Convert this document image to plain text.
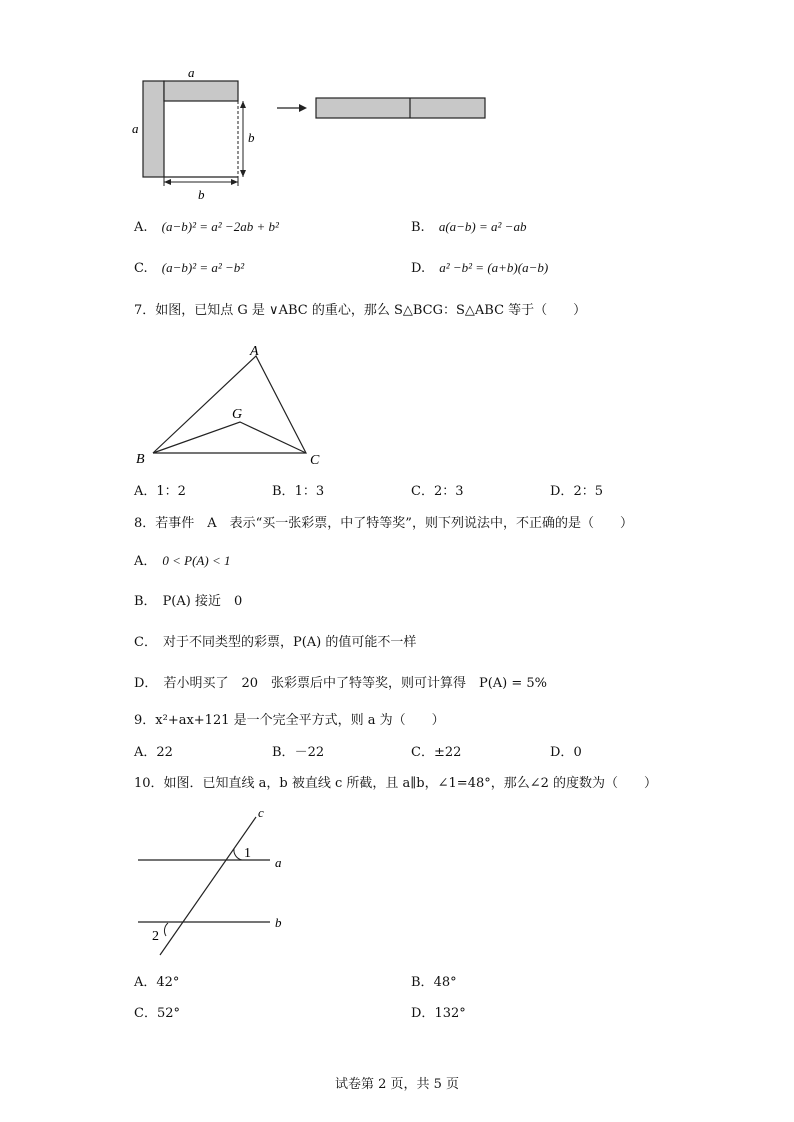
a
a
b
b
A. (a−b)² = a² −2ab + b²	B. a(a−b) = a² −ab
C. (a−b)² = a² −b²	D. a² −b² = (a+b)(a−b)
7．如图，已知点 G 是 ∨ABC 的重心，那么 S△BCG：S△ABC 等于（　　）
A
B	C
G
A．1：2	B．1：3	C．2：3	D．2：5
8．若事件　A　表示“买一张彩票，中了特等奖”，则下列说法中，不正确的是（　　）
A． 0 < P(A) < 1
B． P(A) 接近　0
C． 对于不同类型的彩票，P(A) 的值可能不一样
D． 若小明买了　20　张彩票后中了特等奖，则可计算得　P(A) = 5%
9．x²+ax+121 是一个完全平方式，则 a 为（　　）
A．22	B．－22	C．±22	D．0
10．如图．已知直线 a，b 被直线 c 所截，且 a∥b，∠1=48°，那么∠2 的度数为（　　）
c
a
b
1
2
A．42°	B．48°
C．52°	D．132°
试卷第 2 页，共 5 页
